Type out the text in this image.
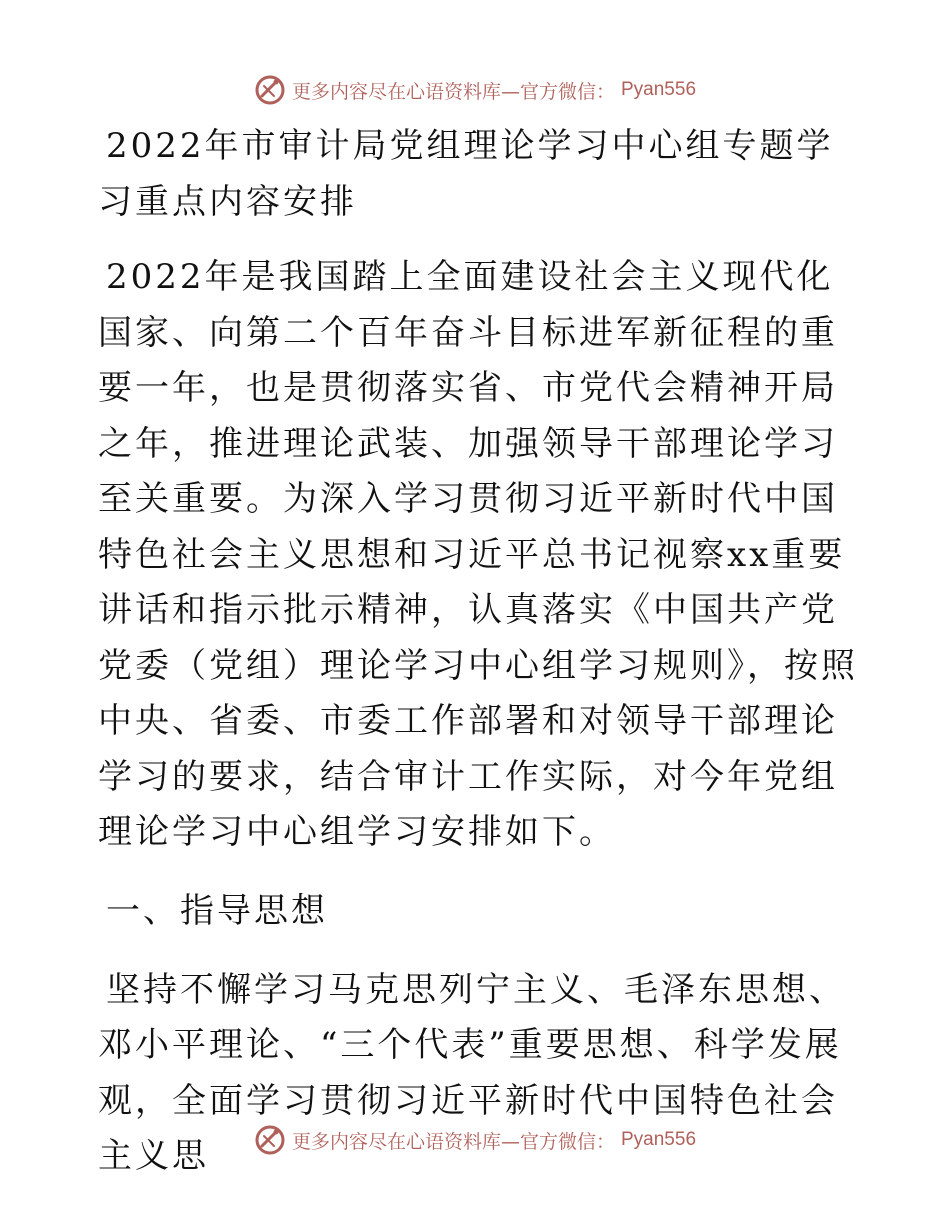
更多内容尽在心语资料库—官方微信： Pyan556
2022年市审计局党组理论学习中心组专题学习重点内容安排

2022年是我国踏上全面建设社会主义现代化国家、向第二个百年奋斗目标进军新征程的重要一年，也是贯彻落实省、市党代会精神开局之年，推进理论武装、加强领导干部理论学习至关重要。为深入学习贯彻习近平新时代中国特色社会主义思想和习近平总书记视察xx重要讲话和指示批示精神，认真落实《中国共产党党委（党组）理论学习中心组学习规则》，按照中央、省委、市委工作部署和对领导干部理论学习的要求，结合审计工作实际，对今年党组理论学习中心组学习安排如下。

一、指导思想

坚持不懈学习马克思列宁主义、毛泽东思想、邓小平理论、“三个代表”重要思想、科学发展观，全面学习贯彻习近平新时代中国特色社会主义思	更多内容尽在心语资料库—官方微信： Pyan556
